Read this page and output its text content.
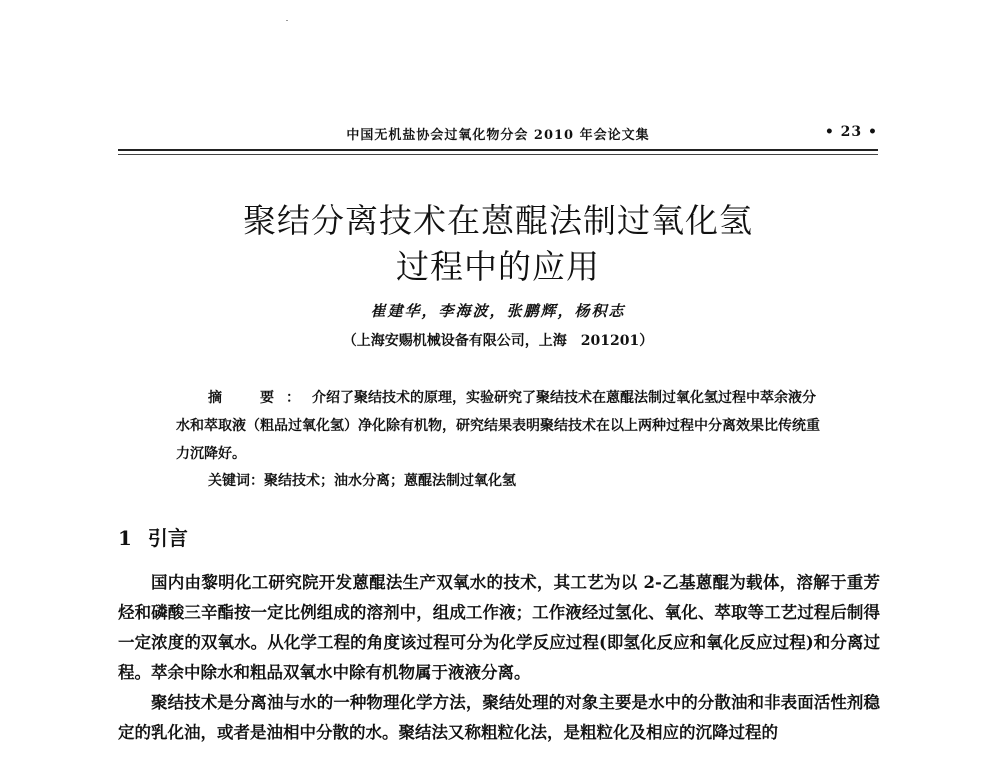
中国无机盐协会过氧化物分会 2010 年会论文集	• 23 •
聚结分离技术在蒽醌法制过氧化氢
过程中的应用
崔建华，李海波，张鹏辉，杨积志
（上海安赐机械设备有限公司，上海　201201）
摘　要：介绍了聚结技术的原理，实验研究了聚结技术在蒽醌法制过氧化氢过程中萃余液分水和萃取液（粗品过氧化氢）净化除有机物，研究结果表明聚结技术在以上两种过程中分离效果比传统重力沉降好。
关键词：聚结技术；油水分离；蒽醌法制过氧化氢
1 引言

国内由黎明化工研究院开发蒽醌法生产双氧水的技术，其工艺为以 2-乙基蒽醌为载体，溶解于重芳烃和磷酸三辛酯按一定比例组成的溶剂中，组成工作液；工作液经过氢化、氧化、萃取等工艺过程后制得一定浓度的双氧水。从化学工程的角度该过程可分为化学反应过程(即氢化反应和氧化反应过程)和分离过程。萃余中除水和粗品双氧水中除有机物属于液液分离。

聚结技术是分离油与水的一种物理化学方法，聚结处理的对象主要是水中的分散油和非表面活性剂稳定的乳化油，或者是油相中分散的水。聚结法又称粗粒化法，是粗粒化及相应的沉降过程的
